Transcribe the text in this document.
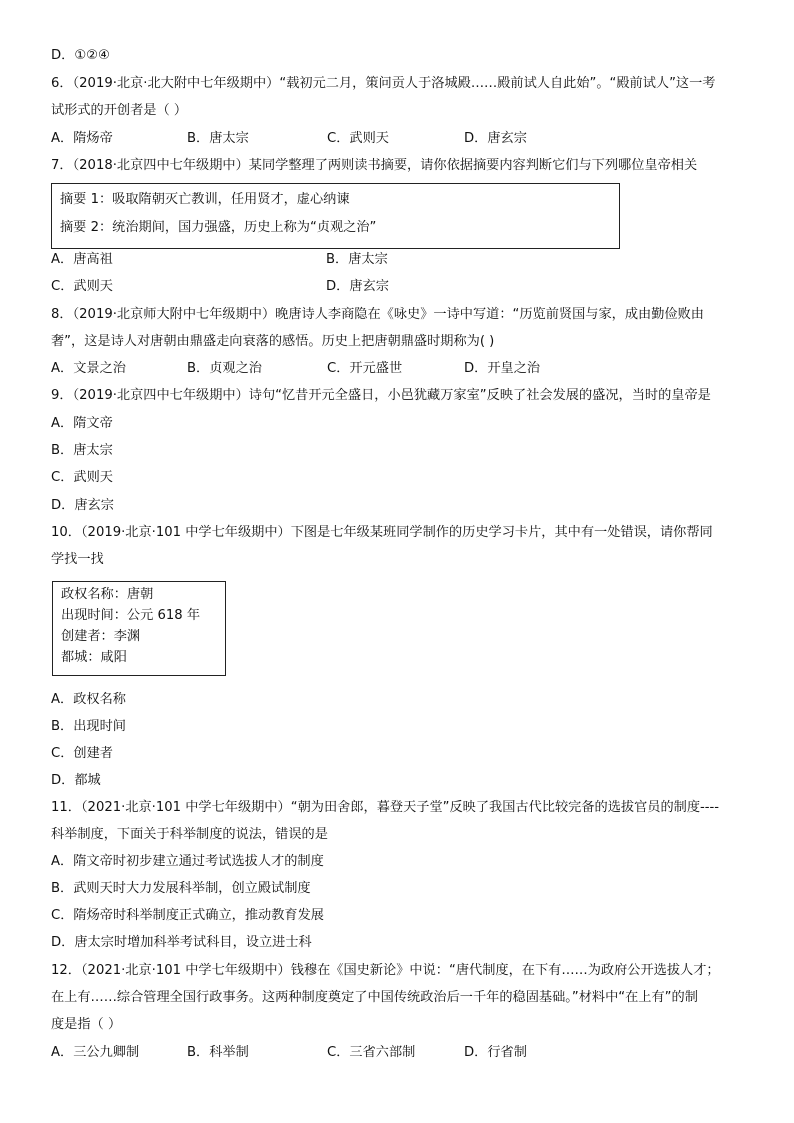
D．①②④
6．（2019·北京·北大附中七年级期中）“载初元二月，策问贡人于洛城殿……殿前试人自此始”。“殿前试人”这一考
试形式的开创者是（ ）
A．隋炀帝	B．唐太宗	C．武则天	D．唐玄宗
7．（2018·北京四中七年级期中）某同学整理了两则读书摘要，请你依据摘要内容判断它们与下列哪位皇帝相关
摘要 1：吸取隋朝灭亡教训，任用贤才，虚心纳谏
摘要 2：统治期间，国力强盛，历史上称为“贞观之治”
A．唐高祖	B．唐太宗
C．武则天	D．唐玄宗
8．（2019·北京师大附中七年级期中）晚唐诗人李商隐在《咏史》一诗中写道：“历览前贤国与家，成由勤俭败由
奢”，这是诗人对唐朝由鼎盛走向衰落的感悟。历史上把唐朝鼎盛时期称为( )
A．文景之治	B．贞观之治	C．开元盛世	D．开皇之治
9．（2019·北京四中七年级期中）诗句“忆昔开元全盛日，小邑犹藏万家室”反映了社会发展的盛况，当时的皇帝是
A．隋文帝
B．唐太宗
C．武则天
D．唐玄宗
10．（2019·北京·101 中学七年级期中）下图是七年级某班同学制作的历史学习卡片，其中有一处错误，请你帮同
学找一找
政权名称：唐朝
出现时间：公元 618 年
创建者：李渊
都城：咸阳
A．政权名称
B．出现时间
C．创建者
D．都城
11．（2021·北京·101 中学七年级期中）“朝为田舍郎，暮登天子堂”反映了我国古代比较完备的选拔官员的制度----
科举制度，下面关于科举制度的说法，错误的是
A．隋文帝时初步建立通过考试选拔人才的制度
B．武则天时大力发展科举制，创立殿试制度
C．隋炀帝时科举制度正式确立，推动教育发展
D．唐太宗时增加科举考试科目，设立进士科
12．（2021·北京·101 中学七年级期中）钱穆在《国史新论》中说：“唐代制度，在下有……为政府公开选拔人才；
在上有……综合管理全国行政事务。这两种制度奠定了中国传统政治后一千年的稳固基础。”材料中“在上有”的制
度是指（ ）
A．三公九卿制	B．科举制	C．三省六部制	D．行省制
